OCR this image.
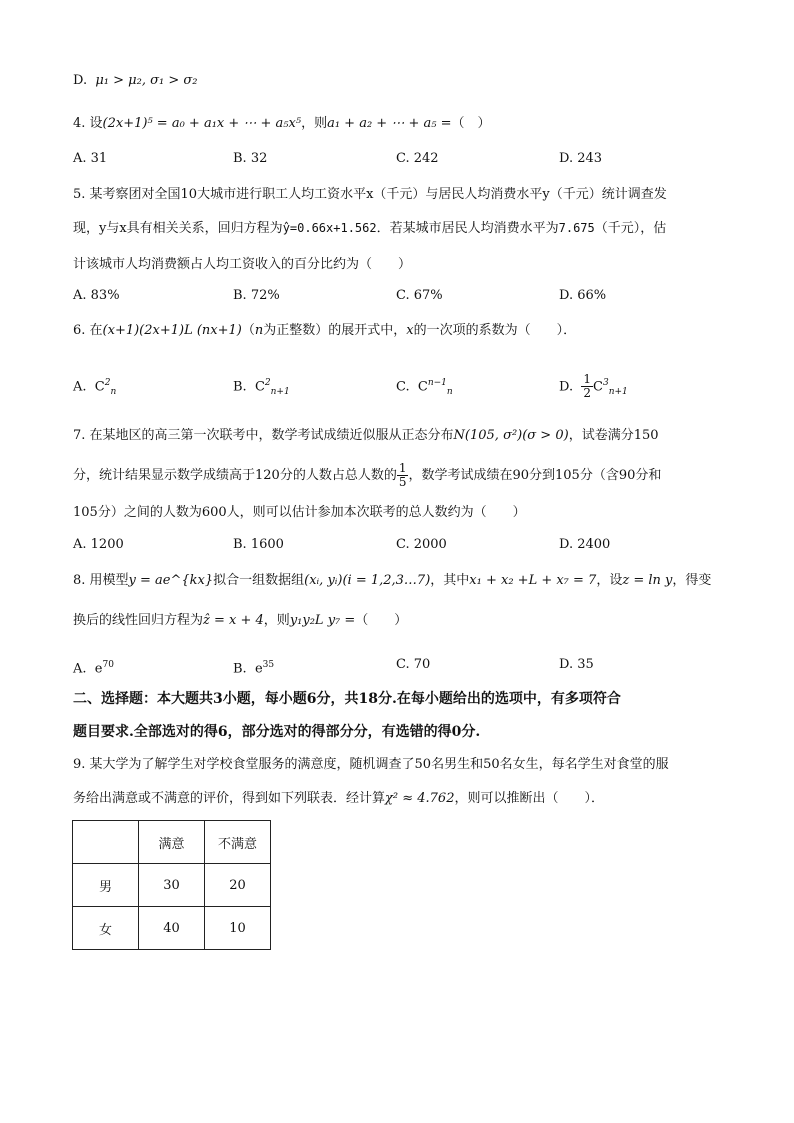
D. μ₁ > μ₂, σ₁ > σ₂
4. 设(2x+1)⁵ = a₀ + a₁x + ⋯ + a₅x⁵，则a₁ + a₂ + ⋯ + a₅ =（　）
A. 31	B. 32	C. 242	D. 243
5. 某考察团对全国10大城市进行职工人均工资水平x（千元）与居民人均消费水平y（千元）统计调查发
现，y与x具有相关关系，回归方程为ŷ=0.66x+1.562．若某城市居民人均消费水平为7.675（千元），估
计该城市人均消费额占人均工资收入的百分比约为（　　）
A. 83%	B. 72%	C. 67%	D. 66%
6. 在(x+1)(2x+1)L (nx+1)（n为正整数）的展开式中，x的一次项的系数为（　　）．
A. $C^2_n$	B. $C^2_{n+1}$	C. $C^{n-1}_n$	D. $\frac{1}{2} C^3_{n+1}$
7. 在某地区的高三第一次联考中，数学考试成绩近似服从正态分布N(105, σ²)(σ > 0)，试卷满分150
分，统计结果显示数学成绩高于120分的人数占总人数的 $\frac{1}{5}$ ，数学考试成绩在90分到105分（含90分和
105分）之间的人数为600人，则可以估计参加本次联考的总人数约为（　　）
A. 1200	B. 1600	C. 2000	D. 2400
8. 用模型y = ae^{kx}拟合一组数据组(xᵢ, yᵢ)(i = 1,2,3…7)，其中x₁ + x₂ +L + x₇ = 7，设z = ln y，得变
换后的线性回归方程为ẑ = x + 4，则y₁y₂L y₇ =（　　）
A. $e^{70}$	B. $e^{35}$	C. 70	D. 35
二、选择题：本大题共3小题，每小题6分，共18分.在每小题给出的选项中，有多项符合
题目要求.全部选对的得6，部分选对的得部分分，有选错的得0分.
9. 某大学为了解学生对学校食堂服务的满意度，随机调查了50名男生和50名女生，每名学生对食堂的服
务给出满意或不满意的评价，得到如下列联表．经计算χ² ≈ 4.762，则可以推断出（　　）．
	满意	不满意
男	30	20
女	40	10
